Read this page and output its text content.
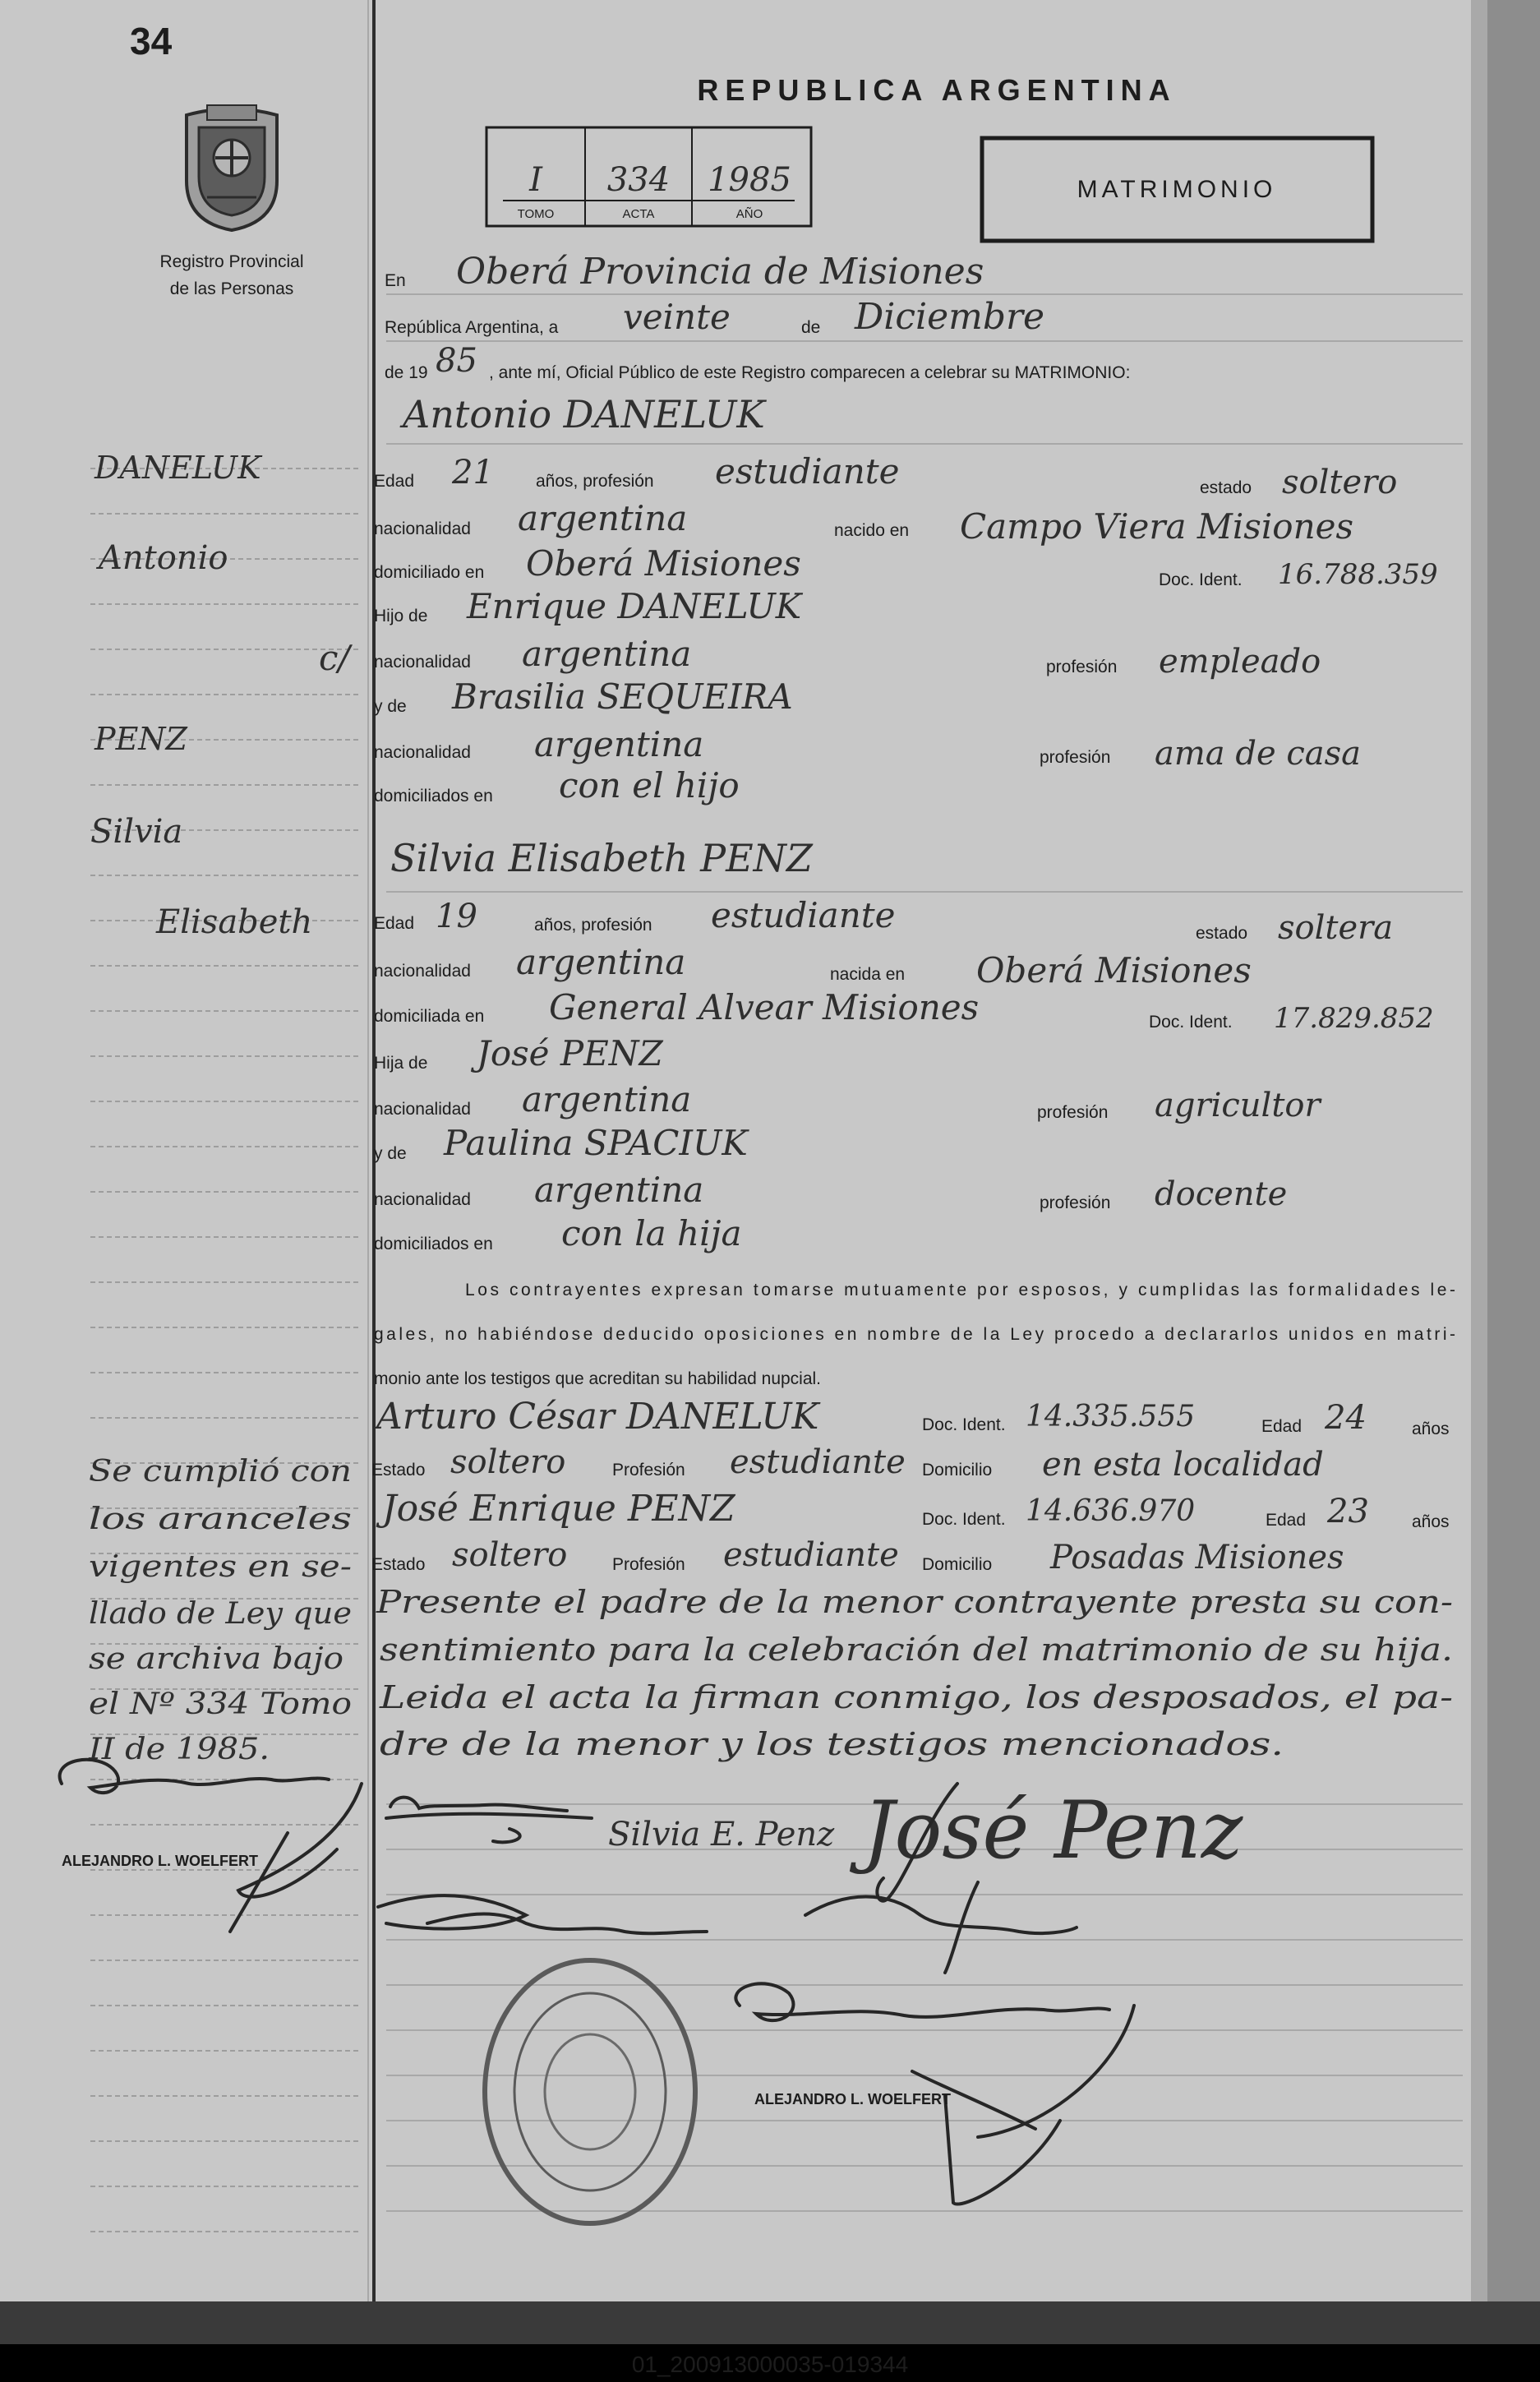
34
Registro Provincial
de las Personas
REPUBLICA ARGENTINA
I 334 1985
TOMO	ACTA	AÑO
MATRIMONIO
En Oberá Provincia de Misiones
República Argentina, a veinte	de Diciembre
de 19 85 , ante mí, Oficial Público de este Registro comparecen a celebrar su MATRIMONIO:
Antonio DANELUK
Edad 21 años, profesión estudiante	estado soltero
nacionalidad argentina	nacido en Campo Viera Misiones
domiciliado en Oberá Misiones	Doc. Ident. 16.788.359
Hijo de Enrique DANELUK
nacionalidad argentina	profesión empleado
y de Brasilia SEQUEIRA
nacionalidad argentina	profesión ama de casa
domiciliados en con el hijo
Silvia Elisabeth PENZ
Edad 19	años, profesión estudiante	estado soltera
nacionalidad argentina	nacida en Oberá Misiones
domiciliada en General Alvear Misiones	Doc. Ident. 17.829.852
Hija de José PENZ
nacionalidad argentina	profesión agricultor
y de Paulina SPACIUK
nacionalidad argentina	profesión docente
domiciliados en con la hija
Los contrayentes expresan tomarse mutuamente por esposos, y cumplidas las formalidades le-
gales, no habiéndose deducido oposiciones en nombre de la Ley procedo a declararlos unidos en matri-
monio ante los testigos que acreditan su habilidad nupcial.
Arturo César DANELUK	Doc. Ident. 14.335.555	Edad 24	años
Estado soltero	Profesión estudiante Domicilio en esta localidad
José Enrique PENZ	Doc. Ident. 14.636.970	Edad 23 años
Estado soltero	Profesión estudiante Domicilio Posadas Misiones
Presente el padre de la menor contrayente presta su con-
sentimiento para la celebración del matrimonio de su hija.
Leida el acta la firman conmigo, los desposados, el pa-
dre de la menor y los testigos mencionados.
DANELUK
Antonio
c/
PENZ
Silvia
Elisabeth
Se cumplió con
los aranceles
vigentes en se-
llado de Ley que
se archiva bajo
el Nº 334 Tomo
II de 1985.
ALEJANDRO L. WOELFERT
Silvia E. Penz José Penz
ALEJANDRO L. WOELFERT
01_200913000035-019344
